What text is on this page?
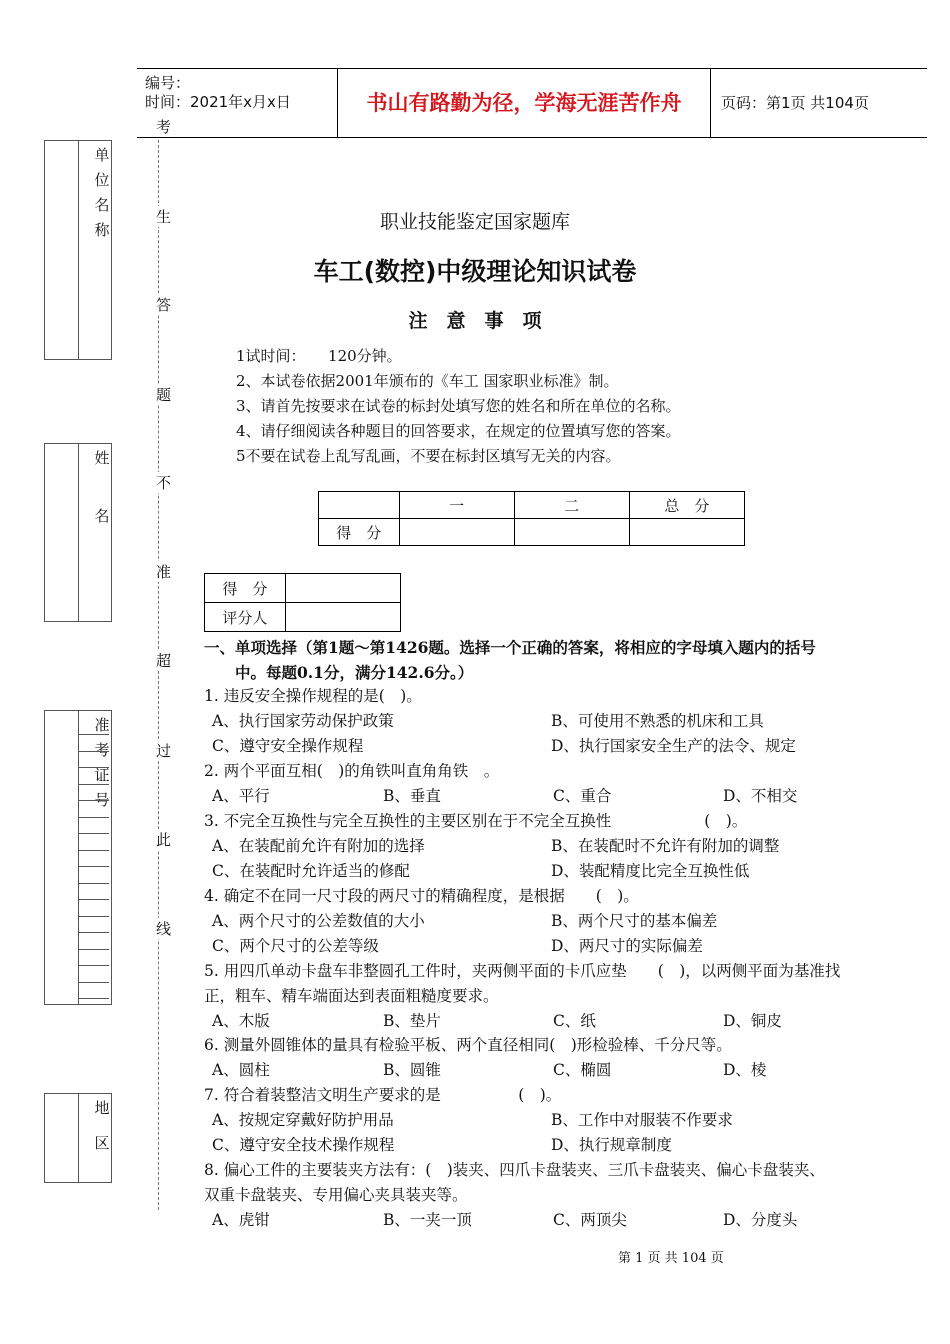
编号：
时间：2021年x月x日	书山有路勤为径，学海无涯苦作舟	页码：第1页 共104页
单
位
名
称
姓
名
准
考
证
号
地
区
考
生
答
题
不
准
超
过
此
线
职业技能鉴定国家题库
车工(数控)中级理论知识试卷
注　意　事　项
1试时间：　　120分钟。
2、本试卷依据2001年颁布的《车工 国家职业标准》制。
3、请首先按要求在试卷的标封处填写您的姓名和所在单位的名称。
4、请仔细阅读各种题目的回答要求，在规定的位置填写您的答案。
5不要在试卷上乱写乱画，不要在标封区填写无关的内容。
	一	二	总　分
得　分			
得　分	
评分人	
一、单项选择（第1题～第1426题。选择一个正确的答案，将相应的字母填入题内的括号
中。每题0.1分，满分142.6分。）
1. 违反安全操作规程的是(　)。
A、执行国家劳动保护政策	B、可使用不熟悉的机床和工具
C、遵守安全操作规程	D、执行国家安全生产的法令、规定
2. 两个平面互相(　)的角铁叫直角角铁　。
A、平行	B、垂直	C、重合	D、不相交
3. 不完全互换性与完全互换性的主要区别在于不完全互换性　　　　　　(　)。
A、在装配前允许有附加的选择	B、在装配时不允许有附加的调整
C、在装配时允许适当的修配	D、装配精度比完全互换性低
4. 确定不在同一尺寸段的两尺寸的精确程度，是根据　　(　)。
A、两个尺寸的公差数值的大小	B、两个尺寸的基本偏差
C、两个尺寸的公差等级	D、两尺寸的实际偏差
5. 用四爪单动卡盘车非整圆孔工件时，夹两侧平面的卡爪应垫　　(　)，以两侧平面为基准找
正，粗车、精车端面达到表面粗糙度要求。
A、木版	B、垫片	C、纸	D、铜皮
6. 测量外圆锥体的量具有检验平板、两个直径相同(　)形检验棒、千分尺等。
A、圆柱	B、圆锥	C、椭圆	D、棱
7. 符合着装整洁文明生产要求的是　　　　　(　)。
A、按规定穿戴好防护用品	B、工作中对服装不作要求
C、遵守安全技术操作规程	D、执行规章制度
8. 偏心工件的主要装夹方法有：(　)装夹、四爪卡盘装夹、三爪卡盘装夹、偏心卡盘装夹、
双重卡盘装夹、专用偏心夹具装夹等。
A、虎钳	B、一夹一顶	C、两顶尖	D、分度头
第 1 页 共 104 页
